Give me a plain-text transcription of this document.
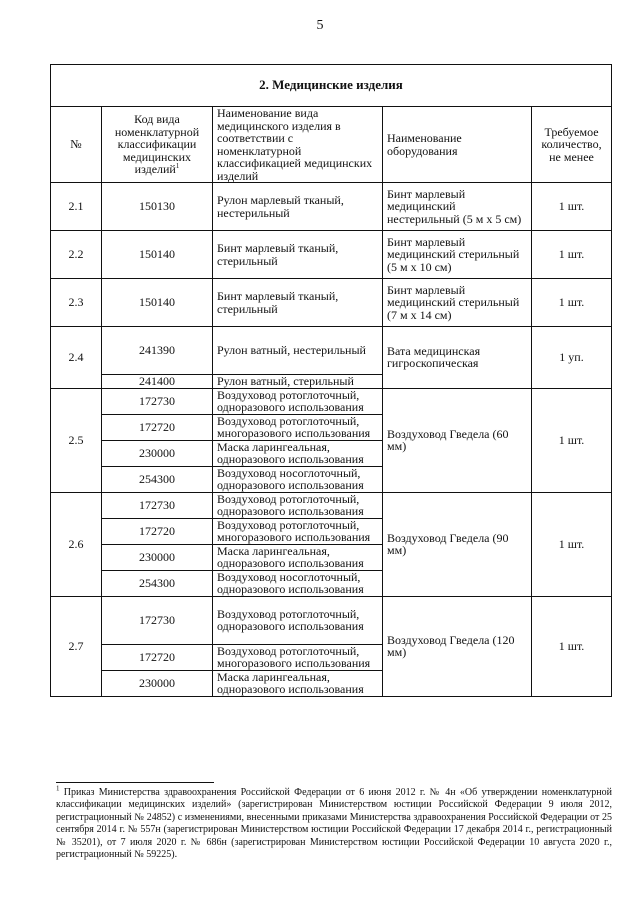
5
2. Медицинские изделия				
№	Код вида номенклатурной классификации медицинских изделий$^1$	Наименование вида медицинского изделия в соответствии с номенклатурной классификацией медицинских изделий	Наименование оборудования	Требуемое количество, не менее
2.1	150130	Рулон марлевый тканый, нестерильный	Бинт марлевый медицинский нестерильный (5 м x 5 см)	1 шт.
2.2	150140	Бинт марлевый тканый, стерильный	Бинт марлевый медицинский стерильный (5 м x 10 см)	1 шт.
2.3	150140	Бинт марлевый тканый, стерильный	Бинт марлевый медицинский стерильный (7 м x 14 см)	1 шт.
2.4	241390	Рулон ватный, нестерильный	Вата медицинская гигроскопическая	1 уп.
	241400	Рулон ватный, стерильный		
2.5	172730	Воздуховод ротоглоточный, одноразового использования	Воздуховод Гведела (60 мм)	1 шт.
	172720	Воздуховод ротоглоточный, многоразового использования		
	230000	Маска ларингеальная, одноразового использования		
	254300	Воздуховод носоглоточный, одноразового использования		
2.6	172730	Воздуховод ротоглоточный, одноразового использования	Воздуховод Гведела (90 мм)	1 шт.
	172720	Воздуховод ротоглоточный, многоразового использования		
	230000	Маска ларингеальная, одноразового использования		
	254300	Воздуховод носоглоточный, одноразового использования		
2.7	172730	Воздуховод ротоглоточный, одноразового использования	Воздуховод Гведела (120 мм)	1 шт.
	172720	Воздуховод ротоглоточный, многоразового использования		
	230000	Маска ларингеальная, одноразового использования		
$^1$ Приказ Министерства здравоохранения Российской Федерации от 6 июня 2012 г. № 4н «Об утверждении номенклатурной классификации медицинских изделий» (зарегистрирован Министерством юстиции Российской Федерации 9 июля 2012, регистрационный № 24852) с изменениями, внесенными приказами Министерства здравоохранения Российской Федерации от 25 сентября 2014 г. № 557н (зарегистрирован Министерством юстиции Российской Федерации 17 декабря 2014 г., регистрационный № 35201), от 7 июля 2020 г. № 686н (зарегистрирован Министерством юстиции Российской Федерации 10 августа 2020 г., регистрационный № 59225).
